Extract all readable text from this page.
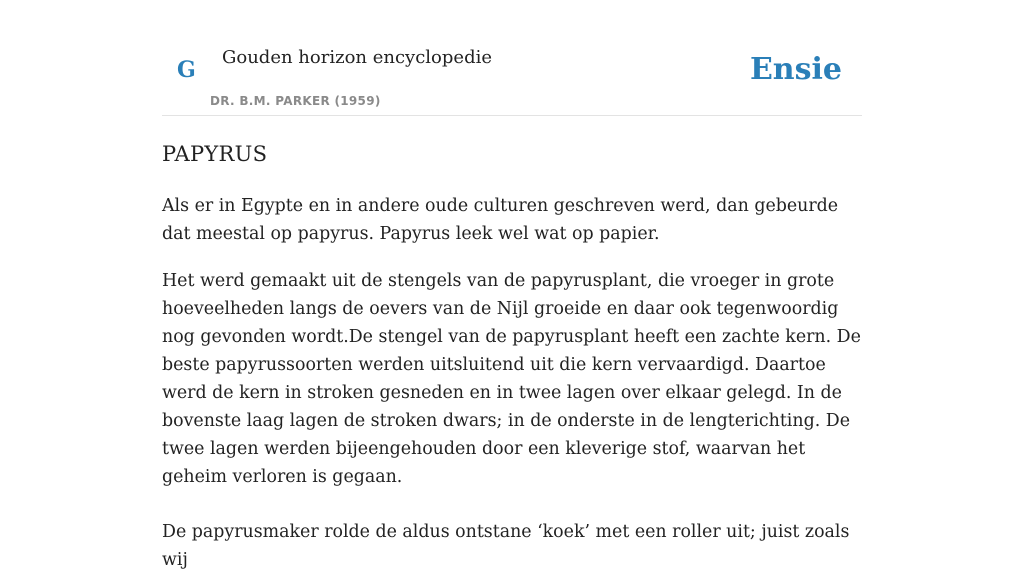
G Gouden horizon encyclopedie
DR. B.M. PARKER (1959)
Ensie
PAPYRUS

Als er in Egypte en in andere oude culturen geschreven werd, dan gebeurde dat meestal op papyrus. Papyrus leek wel wat op papier.

Het werd gemaakt uit de stengels van de papyrusplant, die vroeger in grote hoeveelheden langs de oevers van de Nijl groeide en daar ook tegenwoordig nog gevonden wordt.De stengel van de papyrusplant heeft een zachte kern. De beste papyrussoorten werden uitsluitend uit die kern vervaardigd. Daartoe werd de kern in stroken gesneden en in twee lagen over elkaar gelegd. In de bovenste laag lagen de stroken dwars; in de onderste in de lengterichting. De twee lagen werden bijeengehouden door een kleverige stof, waarvan het geheim verloren is gegaan.

De papyrusmaker rolde de aldus ontstane ‘koek’ met een roller uit; juist zoals wij
